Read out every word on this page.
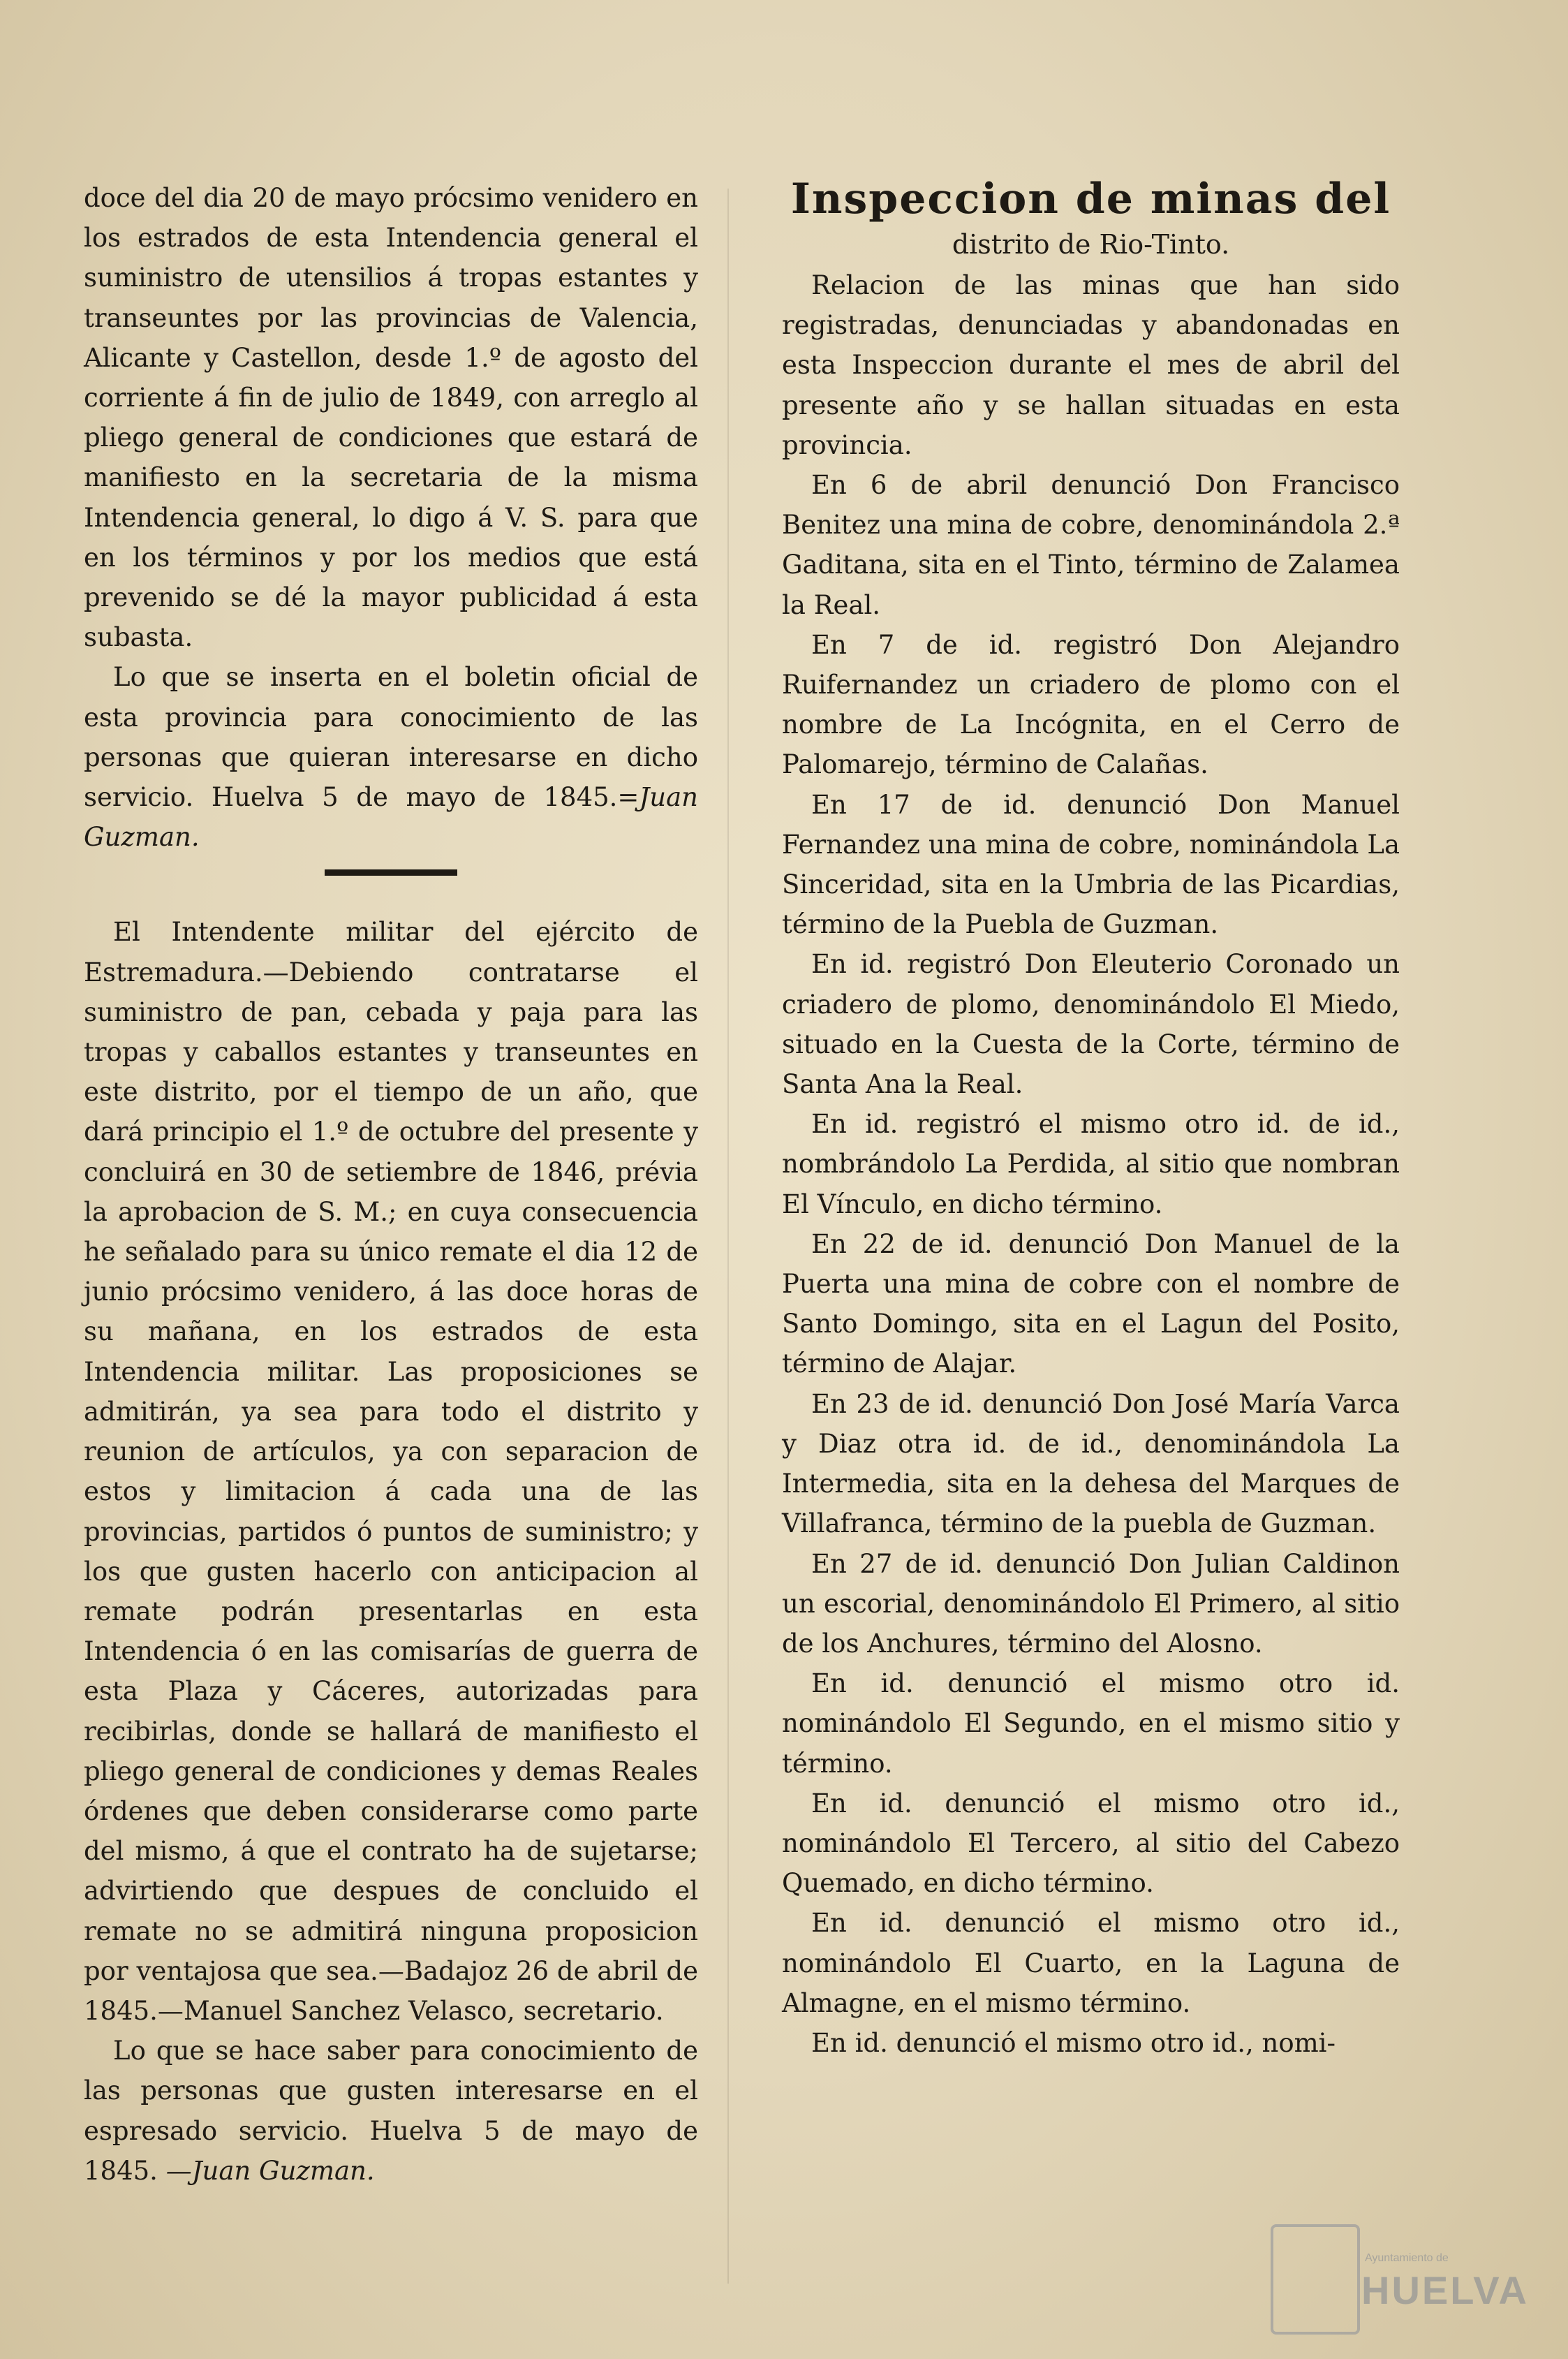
doce del dia 20 de mayo prócsimo venidero en los estrados de esta Intendencia general el suministro de utensilios á tropas estantes y transeuntes por las provincias de Valencia, Alicante y Castellon, desde 1.º de agosto del corriente á fin de julio de 1849, con arreglo al pliego general de condiciones que estará de manifiesto en la secretaria de la misma Intendencia general, lo digo á V. S. para que en los términos y por los medios que está prevenido se dé la mayor publicidad á esta subasta.

Lo que se inserta en el boletin oficial de esta provincia para conocimiento de las personas que quieran interesarse en dicho servicio. Huelva 5 de mayo de 1845.=Juan Guzman.

El Intendente militar del ejército de Estremadura.—Debiendo contratarse el suministro de pan, cebada y paja para las tropas y caballos estantes y transeuntes en este distrito, por el tiempo de un año, que dará principio el 1.º de octubre del presente y concluirá en 30 de setiembre de 1846, prévia la aprobacion de S. M.; en cuya consecuencia he señalado para su único remate el dia 12 de junio prócsimo venidero, á las doce horas de su mañana, en los estrados de esta Intendencia militar. Las proposiciones se admitirán, ya sea para todo el distrito y reunion de artículos, ya con separacion de estos y limitacion á cada una de las provincias, partidos ó puntos de suministro; y los que gusten hacerlo con anticipacion al remate podrán presentarlas en esta Intendencia ó en las comisarías de guerra de esta Plaza y Cáceres, autorizadas para recibirlas, donde se hallará de manifiesto el pliego general de condiciones y demas Reales órdenes que deben considerarse como parte del mismo, á que el contrato ha de sujetarse; advirtiendo que despues de concluido el remate no se admitirá ninguna proposicion por ventajosa que sea.—Badajoz 26 de abril de 1845.—Manuel Sanchez Velasco, secretario.

Lo que se hace saber para conocimiento de las personas que gusten interesarse en el espresado servicio. Huelva 5 de mayo de 1845. —Juan Guzman.

Inspeccion de minas del

distrito de Rio-Tinto.

Relacion de las minas que han sido registradas, denunciadas y abandonadas en esta Inspeccion durante el mes de abril del presente año y se hallan situadas en esta provincia.

En 6 de abril denunció Don Francisco Benitez una mina de cobre, denominándola 2.ª Gaditana, sita en el Tinto, término de Zalamea la Real.

En 7 de id. registró Don Alejandro Ruifernandez un criadero de plomo con el nombre de La Incógnita, en el Cerro de Palomarejo, término de Calañas.

En 17 de id. denunció Don Manuel Fernandez una mina de cobre, nominándola La Sinceridad, sita en la Umbria de las Picardias, término de la Puebla de Guzman.

En id. registró Don Eleuterio Coronado un criadero de plomo, denominándolo El Miedo, situado en la Cuesta de la Corte, término de Santa Ana la Real.

En id. registró el mismo otro id. de id., nombrándolo La Perdida, al sitio que nombran El Vínculo, en dicho término.

En 22 de id. denunció Don Manuel de la Puerta una mina de cobre con el nombre de Santo Domingo, sita en el Lagun del Posito, término de Alajar.

En 23 de id. denunció Don José María Varca y Diaz otra id. de id., denominándola La Intermedia, sita en la dehesa del Marques de Villafranca, término de la puebla de Guzman.

En 27 de id. denunció Don Julian Caldinon un escorial, denominándolo El Primero, al sitio de los Anchures, término del Alosno.

En id. denunció el mismo otro id. nominándolo El Segundo, en el mismo sitio y término.

En id. denunció el mismo otro id., nominándolo El Tercero, al sitio del Cabezo Quemado, en dicho término.

En id. denunció el mismo otro id., nominándolo El Cuarto, en la Laguna de Almagne, en el mismo término.

En id. denunció el mismo otro id., nomi-

Ayuntamiento de
HUELVA
